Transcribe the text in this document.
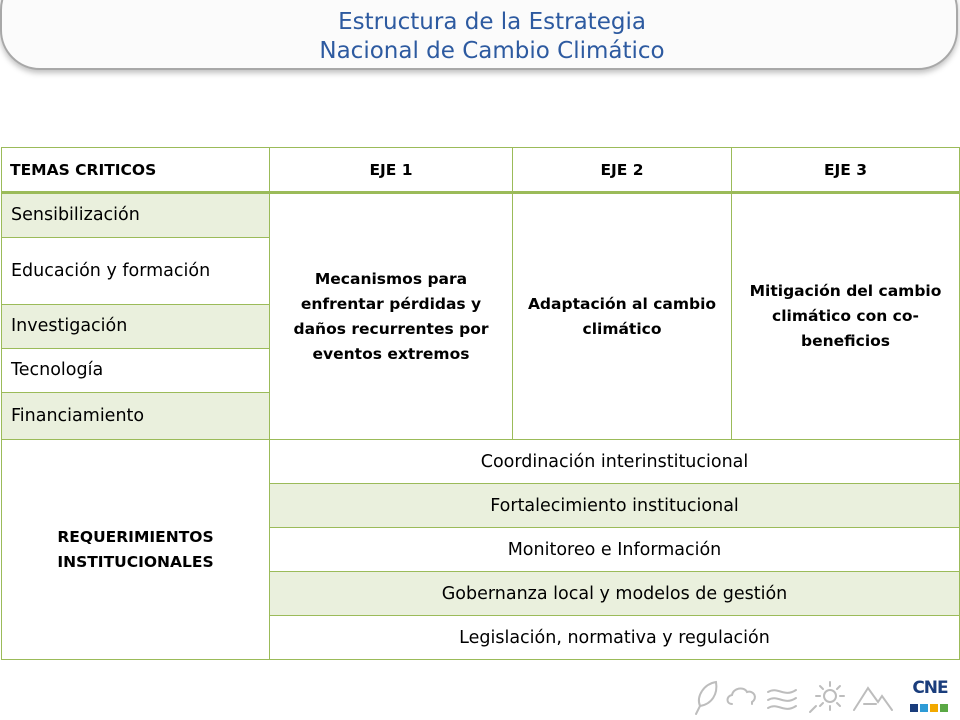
Estructura de la Estrategia
Nacional de Cambio Climático
TEMAS CRITICOS	EJE 1	EJE 2	EJE 3
Sensibilización	Mecanismos para enfrentar pérdidas y daños recurrentes por eventos extremos	Adaptación al cambio climático	Mitigación del cambio climático con co-beneficios
Educación y formación			
Investigación			
Tecnología			
Financiamiento			
REQUERIMIENTOS INSTITUCIONALES	Coordinación interinstitucional		
	Fortalecimiento institucional		
	Monitoreo e Información		
	Gobernanza local y modelos de gestión		
	Legislación, normativa y regulación		
CNE
